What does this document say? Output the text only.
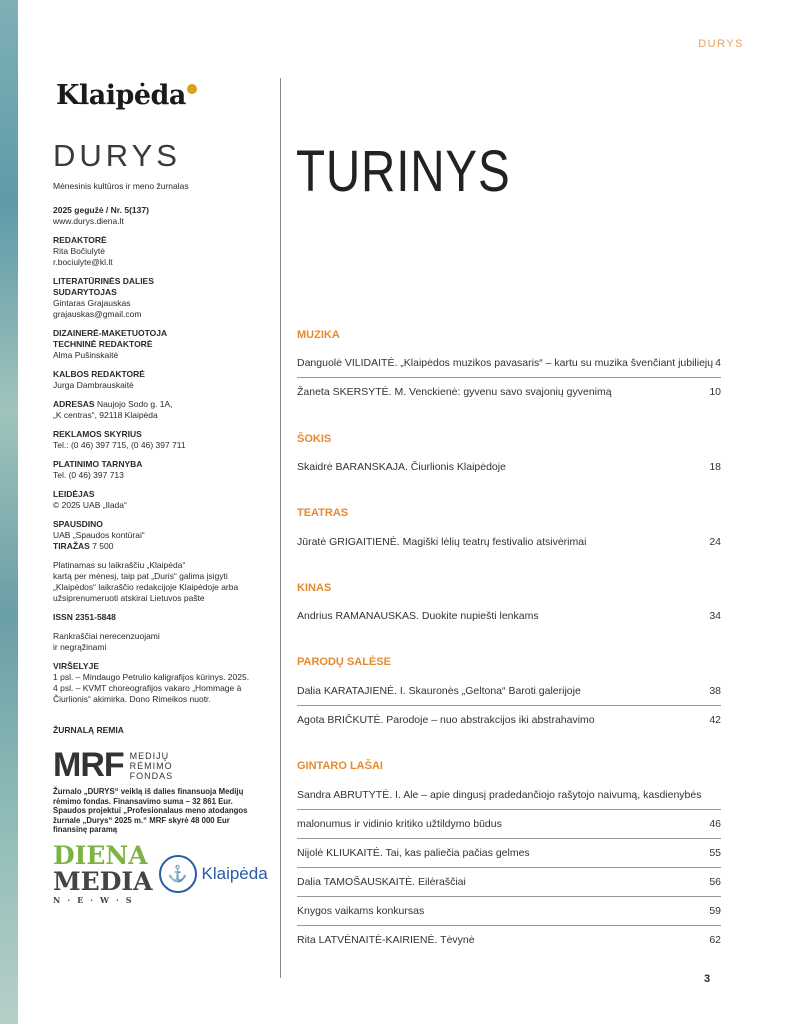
DURYS
Klaipėda
DURYS
Mėnesinis kultūros ir meno žurnalas
2025 gegužė / Nr. 5(137)
www.durys.diena.lt
REDAKTORĖ
Rita Bočiulytė
r.bociulyte@kl.lt
LITERATŪRINĖS DALIES
SUDARYTOJAS
Gintaras Grajauskas
grajauskas@gmail.com
DIZAINERĖ-MAKETUOTOJA
TECHNINĖ REDAKTORĖ
Alma Pušinskaitė
KALBOS REDAKTORĖ
Jurga Dambrauskaitė
ADRESAS Naujojo Sodo g. 1A,
„K centras“, 92118 Klaipėda
REKLAMOS SKYRIUS
Tel.: (0 46) 397 715, (0 46) 397 711
PLATINIMO TARNYBA
Tel. (0 46) 397 713
LEIDĖJAS
© 2025 UAB „Ilada“
SPAUSDINO
UAB „Spaudos kontūrai“
TIRAŽAS 7 500
Platinamas su laikraščiu „Klaipėda“
kartą per mėnesį, taip pat „Duris“ galima įsigyti
„Klaipėdos“ laikraščio redakcijoje Klaipėdoje arba
užsiprenumeruoti atskirai Lietuvos pašte
ISSN 2351-5848
Rankraščiai nerecenzuojami
ir negrąžinami
VIRŠELYJE
1 psl. – Mindaugo Petrulio kaligrafijos kūrinys. 2025.
4 psl. – KVMT choreografijos vakaro „Hommage à
Čiurlionis“ akimirka. Dono Rimeikos nuotr.
ŽURNALĄ REMIA
MRF MEDIJŲ
RĖMIMO
FONDAS
Žurnalo „DURYS“ veiklą iš dalies finansuoja Medijų
rėmimo fondas. Finansavimo suma – 32 861 Eur.
Spaudos projektui „Profesionalaus meno atodangos
žurnale „Durys“ 2025 m.“ MRF skyrė 48 000 Eur
finansinę paramą
DIENA
MEDIA
N·E·W·S
⚓ Klaipėda
TURINYS
MUZIKA
Danguolė VILIDAITĖ. „Klaipėdos muzikos pavasaris“ – kartu su muzika švenčiant jubiliejų 4
Žaneta SKERSYTĖ. M. Venckienė: gyvenu savo svajonių gyvenimą	10
ŠOKIS
Skaidrė BARANSKAJA. Čiurlionis Klaipėdoje	18
TEATRAS
Jūratė GRIGAITIENĖ. Magiški lėlių teatrų festivalio atsivėrimai	24
KINAS
Andrius RAMANAUSKAS. Duokite nupiešti lenkams	34
PARODŲ SALĖSE
Dalia KARATAJIENĖ. I. Skauronės „Geltona“ Baroti galerijoje	38
Agota BRIČKUTĖ. Parodoje – nuo abstrakcijos iki abstrahavimo	42
GINTARO LAŠAI
Sandra ABRUTYTĖ. I. Ale – apie dingusį pradedančiojo rašytojo naivumą, kasdienybės
malonumus ir vidinio kritiko užtildymo būdus	46
Nijolė KLIUKAITĖ. Tai, kas paliečia pačias gelmes	55
Dalia TAMOŠAUSKAITĖ. Eilėraščiai	56
Knygos vaikams konkursas	59
Rita LATVĖNAITĖ-KAIRIENĖ. Tėvynė	62
3
